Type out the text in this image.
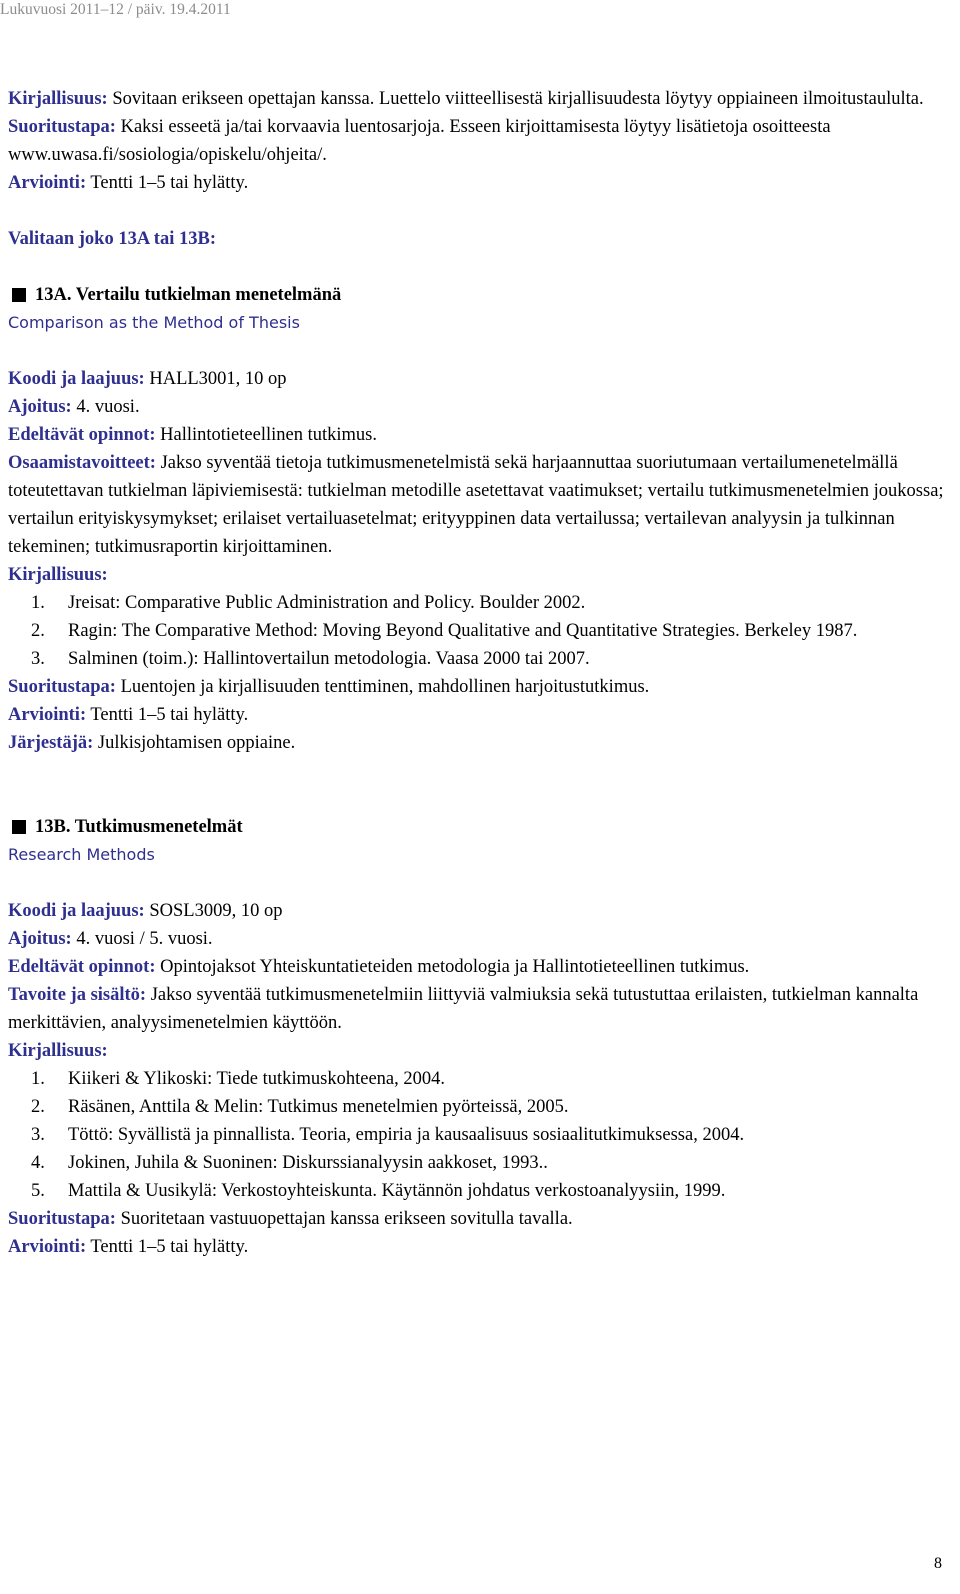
Lukuvuosi 2011–12 / päiv. 19.4.2011

Kirjallisuus: Sovitaan erikseen opettajan kanssa. Luettelo viitteellisestä kirjallisuudesta löytyy oppiaineen ilmoitustaululta.

Suoritustapa: Kaksi esseetä ja/tai korvaavia luentosarjoja. Esseen kirjoittamisesta löytyy lisätietoja osoitteesta www.uwasa.fi/sosiologia/opiskelu/ohjeita/.

Arviointi: Tentti 1–5 tai hylätty.

Valitaan joko 13A tai 13B:

13A. Vertailu tutkielman menetelmänä

Comparison as the Method of Thesis

Koodi ja laajuus: HALL3001, 10 op

Ajoitus: 4. vuosi.

Edeltävät opinnot: Hallintotieteellinen tutkimus.

Osaamistavoitteet: Jakso syventää tietoja tutkimusmenetelmistä sekä harjaannuttaa suoriutumaan vertailumenetelmällä toteutettavan tutkielman läpiviemisestä: tutkielman metodille asetettavat vaatimukset; vertailu tutkimusmenetelmien joukossa; vertailun erityiskysymykset; erilaiset vertailuasetelmat; erityyppinen data vertailussa; vertailevan analyysin ja tulkinnan tekeminen; tutkimusraportin kirjoittaminen.

Kirjallisuus:

1.	Jreisat: Comparative Public Administration and Policy. Boulder 2002.
2.	Ragin: The Comparative Method: Moving Beyond Qualitative and Quantitative Strategies. Berkeley 1987.
3.	Salminen (toim.): Hallintovertailun metodologia. Vaasa 2000 tai 2007.

Suoritustapa: Luentojen ja kirjallisuuden tenttiminen, mahdollinen harjoitustutkimus.

Arviointi: Tentti 1–5 tai hylätty.

Järjestäjä: Julkisjohtamisen oppiaine.

13B. Tutkimusmenetelmät

Research Methods

Koodi ja laajuus: SOSL3009, 10 op

Ajoitus: 4. vuosi / 5. vuosi.

Edeltävät opinnot: Opintojaksot Yhteiskuntatieteiden metodologia ja Hallintotieteellinen tutkimus.

Tavoite ja sisältö: Jakso syventää tutkimusmenetelmiin liittyviä valmiuksia sekä tutustuttaa erilaisten, tutkielman kannalta merkittävien, analyysimenetelmien käyttöön.

Kirjallisuus:

1.	Kiikeri & Ylikoski: Tiede tutkimuskohteena, 2004.
2.	Räsänen, Anttila & Melin: Tutkimus menetelmien pyörteissä, 2005.
3.	Töttö: Syvällistä ja pinnallista. Teoria, empiria ja kausaalisuus sosiaalitutkimuksessa, 2004.
4.	Jokinen, Juhila & Suoninen: Diskurssianalyysin aakkoset, 1993..
5.	Mattila & Uusikylä: Verkostoyhteiskunta. Käytännön johdatus verkostoanalyysiin, 1999.

Suoritustapa: Suoritetaan vastuuopettajan kanssa erikseen sovitulla tavalla.

Arviointi: Tentti 1–5 tai hylätty.

8
